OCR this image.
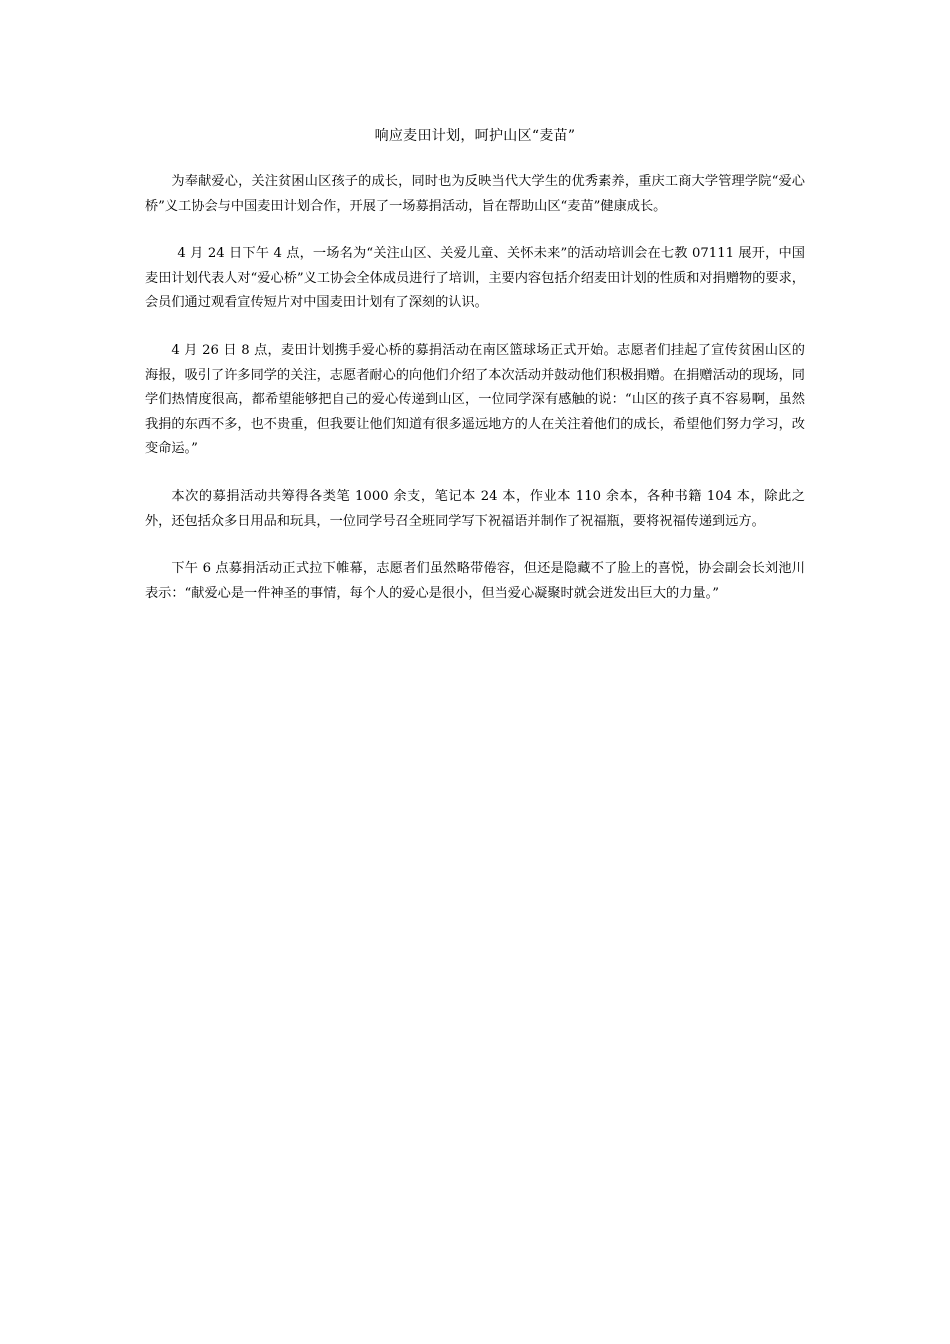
响应麦田计划，呵护山区“麦苗”

为奉献爱心，关注贫困山区孩子的成长，同时也为反映当代大学生的优秀素养，重庆工商大学管理学院“爱心桥”义工协会与中国麦田计划合作，开展了一场募捐活动，旨在帮助山区“麦苗”健康成长。

4 月 24 日下午 4 点，一场名为“关注山区、关爱儿童、关怀未来”的活动培训会在七教 07111 展开，中国麦田计划代表人对“爱心桥”义工协会全体成员进行了培训，主要内容包括介绍麦田计划的性质和对捐赠物的要求，会员们通过观看宣传短片对中国麦田计划有了深刻的认识。

4 月 26 日 8 点，麦田计划携手爱心桥的募捐活动在南区篮球场正式开始。志愿者们挂起了宣传贫困山区的海报，吸引了许多同学的关注，志愿者耐心的向他们介绍了本次活动并鼓动他们积极捐赠。在捐赠活动的现场，同学们热情度很高，都希望能够把自己的爱心传递到山区，一位同学深有感触的说：“山区的孩子真不容易啊，虽然我捐的东西不多，也不贵重，但我要让他们知道有很多遥远地方的人在关注着他们的成长，希望他们努力学习，改变命运。”

本次的募捐活动共筹得各类笔 1000 余支，笔记本 24 本，作业本 110 余本，各种书籍 104 本，除此之外，还包括众多日用品和玩具，一位同学号召全班同学写下祝福语并制作了祝福瓶，要将祝福传递到远方。

下午 6 点募捐活动正式拉下帷幕，志愿者们虽然略带倦容，但还是隐藏不了脸上的喜悦，协会副会长刘池川表示：“献爱心是一件神圣的事情，每个人的爱心是很小，但当爱心凝聚时就会迸发出巨大的力量。”
